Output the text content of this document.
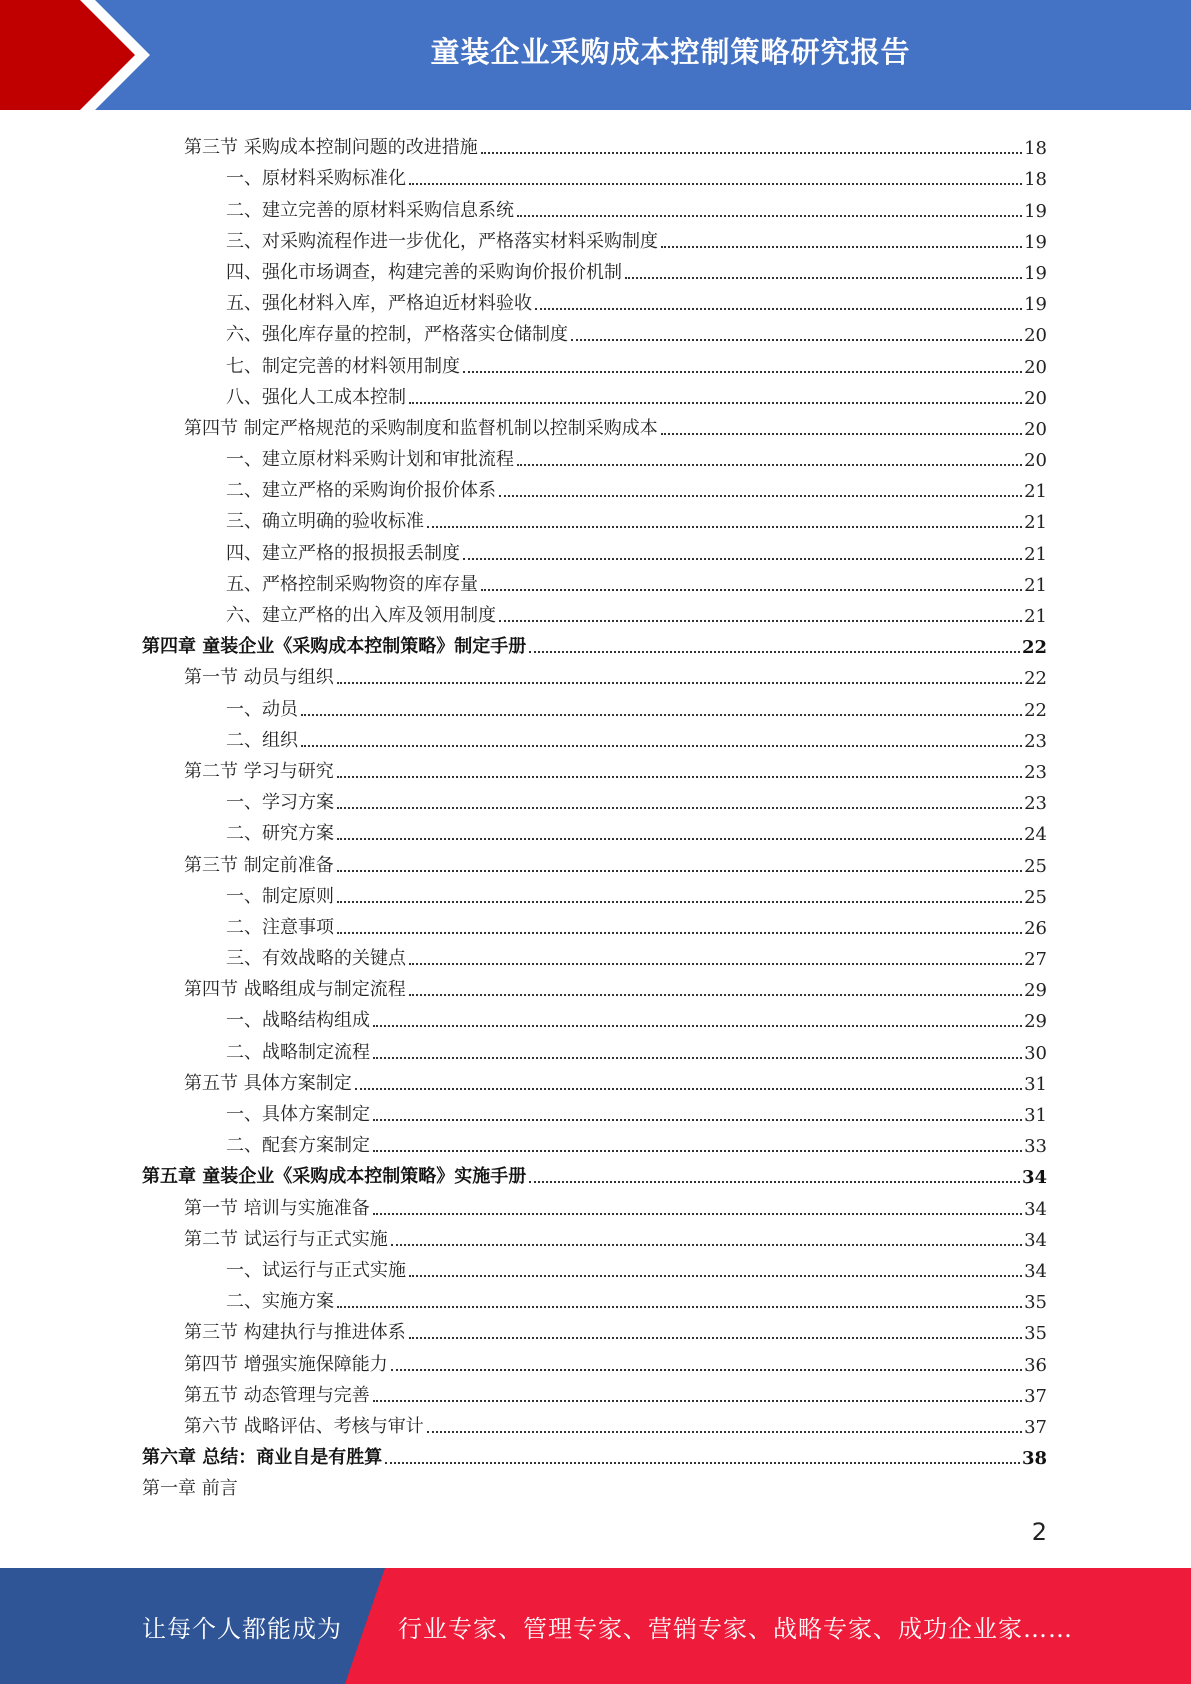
童装企业采购成本控制策略研究报告
第三节 采购成本控制问题的改进措施	18
一、原材料采购标准化	18
二、建立完善的原材料采购信息系统	19
三、对采购流程作进一步优化，严格落实材料采购制度	19
四、强化市场调查，构建完善的采购询价报价机制	19
五、强化材料入库，严格迫近材料验收	19
六、强化库存量的控制，严格落实仓储制度	20
七、制定完善的材料领用制度	20
八、强化人工成本控制	20
第四节 制定严格规范的采购制度和监督机制以控制采购成本	20
一、建立原材料采购计划和审批流程	20
二、建立严格的采购询价报价体系	21
三、确立明确的验收标准	21
四、建立严格的报损报丢制度	21
五、严格控制采购物资的库存量	21
六、建立严格的出入库及领用制度	21
第四章 童装企业《采购成本控制策略》制定手册	22
第一节 动员与组织	22
一、动员	22
二、组织	23
第二节 学习与研究	23
一、学习方案	23
二、研究方案	24
第三节 制定前准备	25
一、制定原则	25
二、注意事项	26
三、有效战略的关键点	27
第四节 战略组成与制定流程	29
一、战略结构组成	29
二、战略制定流程	30
第五节 具体方案制定	31
一、具体方案制定	31
二、配套方案制定	33
第五章 童装企业《采购成本控制策略》实施手册	34
第一节 培训与实施准备	34
第二节 试运行与正式实施	34
一、试运行与正式实施	34
二、实施方案	35
第三节 构建执行与推进体系	35
第四节 增强实施保障能力	36
第五节 动态管理与完善	37
第六节 战略评估、考核与审计	37
第六章 总结：商业自是有胜算	38
第一章 前言
2
让每个人都能成为 行业专家、管理专家、营销专家、战略专家、成功企业家……
